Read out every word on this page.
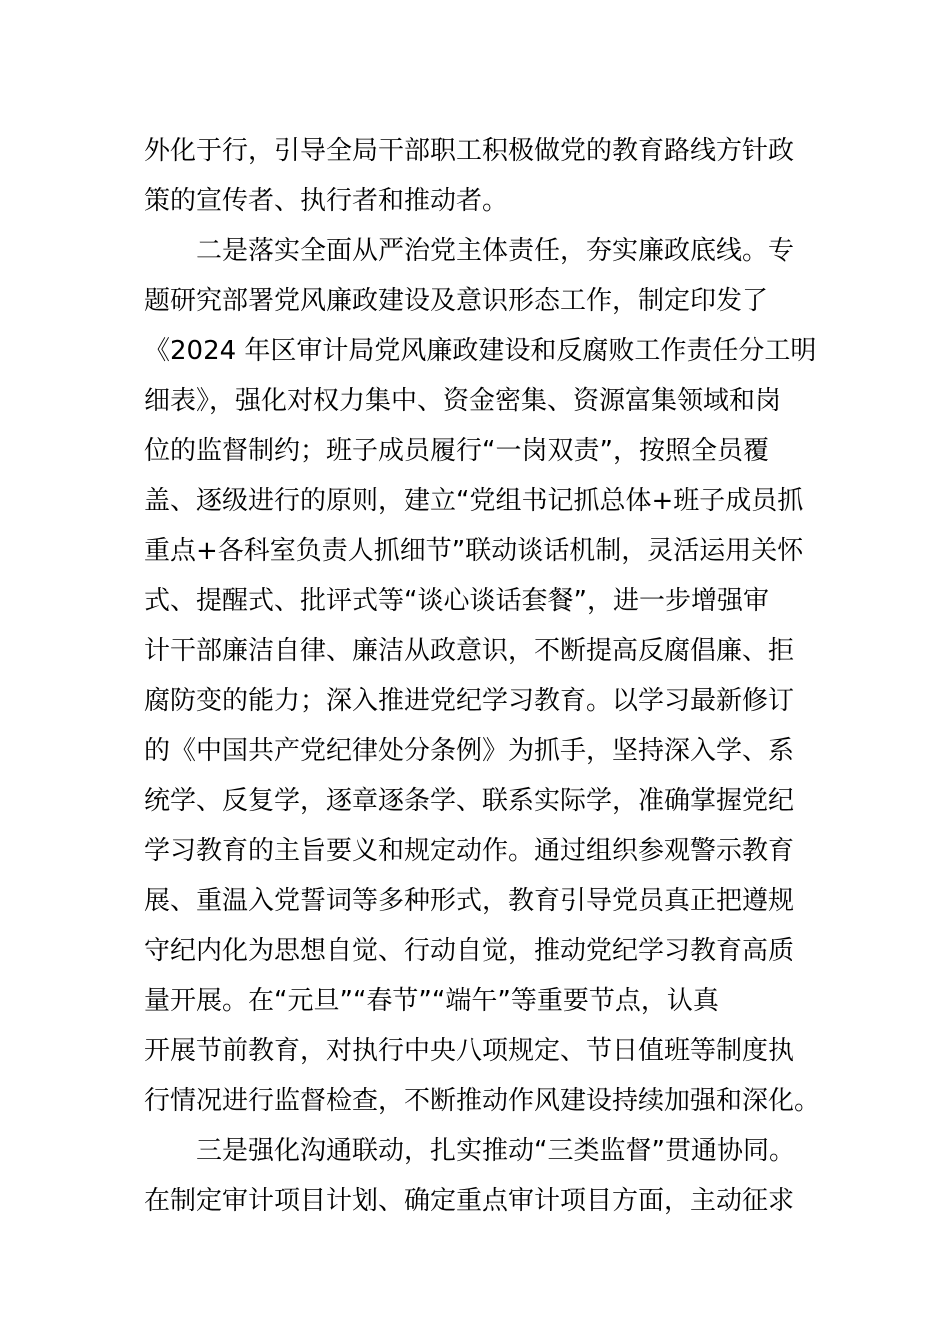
外化于行，引导全局干部职工积极做党的教育路线方针政
策的宣传者、执行者和推动者。
二是落实全面从严治党主体责任，夯实廉政底线。专
题研究部署党风廉政建设及意识形态工作，制定印发了
《2024 年区审计局党风廉政建设和反腐败工作责任分工明
细表》，强化对权力集中、资金密集、资源富集领域和岗
位的监督制约；班子成员履行“一岗双责”，按照全员覆
盖、逐级进行的原则，建立“党组书记抓总体+班子成员抓
重点+各科室负责人抓细节”联动谈话机制，灵活运用关怀
式、提醒式、批评式等“谈心谈话套餐”，进一步增强审
计干部廉洁自律、廉洁从政意识，不断提高反腐倡廉、拒
腐防变的能力；深入推进党纪学习教育。以学习最新修订
的《中国共产党纪律处分条例》为抓手，坚持深入学、系
统学、反复学，逐章逐条学、联系实际学，准确掌握党纪
学习教育的主旨要义和规定动作。通过组织参观警示教育
展、重温入党誓词等多种形式，教育引导党员真正把遵规
守纪内化为思想自觉、行动自觉，推动党纪学习教育高质
量开展。在“元旦”“春节”“端午”等重要节点，认真
开展节前教育，对执行中央八项规定、节日值班等制度执
行情况进行监督检查，不断推动作风建设持续加强和深化。
三是强化沟通联动，扎实推动“三类监督”贯通协同。
在制定审计项目计划、确定重点审计项目方面，主动征求
